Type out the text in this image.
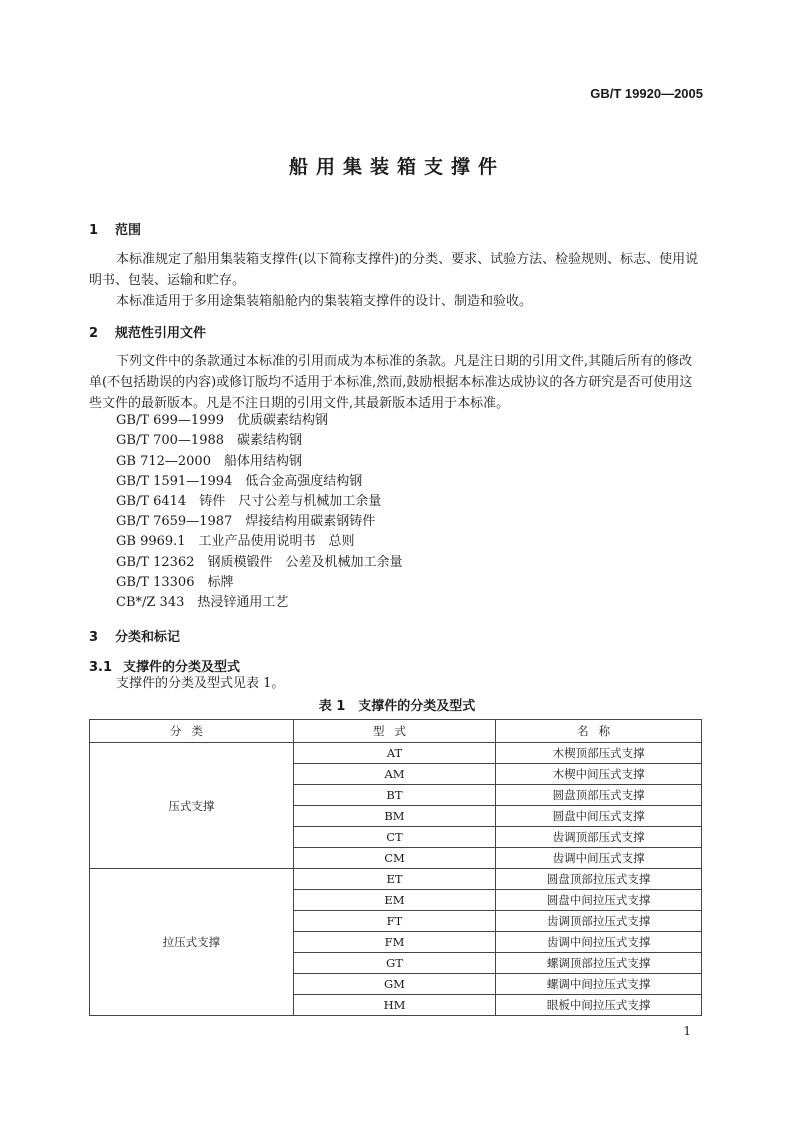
GB/T 19920—2005
船用集装箱支撑件
1 范围
本标准规定了船用集装箱支撑件(以下简称支撑件)的分类、要求、试验方法、检验规则、标志、使用说明书、包装、运输和贮存。
本标准适用于多用途集装箱船舱内的集装箱支撑件的设计、制造和验收。
2 规范性引用文件
下列文件中的条款通过本标准的引用而成为本标准的条款。凡是注日期的引用文件,其随后所有的修改单(不包括勘误的内容)或修订版均不适用于本标准,然而,鼓励根据本标准达成协议的各方研究是否可使用这些文件的最新版本。凡是不注日期的引用文件,其最新版本适用于本标准。
GB/T 699—1999　优质碳素结构钢
GB/T 700—1988　碳素结构钢
GB 712—2000　船体用结构钢
GB/T 1591—1994　低合金高强度结构钢
GB/T 6414　铸件　尺寸公差与机械加工余量
GB/T 7659—1987　焊接结构用碳素钢铸件
GB 9969.1　工业产品使用说明书　总则
GB/T 12362　钢质模锻件　公差及机械加工余量
GB/T 13306　标牌
CB*/Z 343　热浸锌通用工艺
3 分类和标记
3.1 支撑件的分类及型式
支撑件的分类及型式见表 1。
表 1　支撑件的分类及型式
分类	型式	名称
压式支撑	AT	木楔顶部压式支撑
	AM	木楔中间压式支撑
	BT	圆盘顶部压式支撑
	BM	圆盘中间压式支撑
	CT	齿调顶部压式支撑
	CM	齿调中间压式支撑
拉压式支撑	ET	圆盘顶部拉压式支撑
	EM	圆盘中间拉压式支撑
	FT	齿调顶部拉压式支撑
	FM	齿调中间拉压式支撑
	GT	螺调顶部拉压式支撑
	GM	螺调中间拉压式支撑
	HM	眼板中间拉压式支撑
1
